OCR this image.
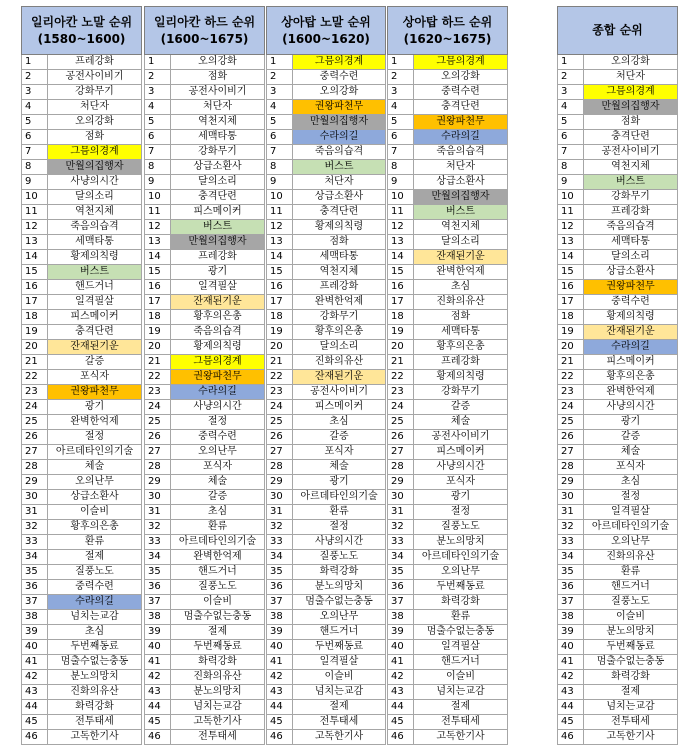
일리아칸 노말 순위
(1580~1600)	
1	프레강화
2	공전사이비기
3	강화무기
4	처단자
5	오의강화
6	점화
7	그믐의경계
8	만월의집행자
9	사냥의시간
10	달의소리
11	역천지체
12	죽음의습격
13	세맥타통
14	황제의칙령
15	버스트
16	핸드거너
17	일격필살
18	피스메이커
19	충격단련
20	잔재된기운
21	갈증
22	포식자
23	권왕파천무
24	광기
25	완벽한억제
26	절정
27	아르데타인의기술
28	체술
29	오의난무
30	상급소환사
31	이슬비
32	황후의은총
33	환류
34	절제
35	질풍노도
36	중력수련
37	수라의길
38	넘치는교감
39	초심
40	두번째동료
41	멈출수없는충동
42	분노의망치
43	진화의유산
44	화력강화
45	전투태세
46	고독한기사
일리아칸 하드 순위
(1600~1675)	
1	오의강화
2	점화
3	공전사이비기
4	처단자
5	역천지체
6	세맥타통
7	강화무기
8	상급소환사
9	달의소리
10	충격단련
11	피스메이커
12	버스트
13	만월의집행자
14	프레강화
15	광기
16	일격필살
17	잔재된기운
18	황후의은총
19	죽음의습격
20	황제의칙령
21	그믐의경계
22	권왕파천무
23	수라의길
24	사냥의시간
25	절정
26	중력수련
27	오의난무
28	포식자
29	체술
30	갈증
31	초심
32	환류
33	아르데타인의기술
34	완벽한억제
35	핸드거너
36	질풍노도
37	이슬비
38	멈출수없는충동
39	절제
40	두번째동료
41	화력강화
42	진화의유산
43	분노의망치
44	넘치는교감
45	고독한기사
46	전투태세
상아탑 노말 순위
(1600~1620)	
1	그믐의경계
2	중력수련
3	오의강화
4	권왕파천무
5	만월의집행자
6	수라의길
7	죽음의습격
8	버스트
9	처단자
10	상급소환사
11	충격단련
12	황제의칙령
13	점화
14	세맥타통
15	역천지체
16	프레강화
17	완벽한억제
18	강화무기
19	황후의은총
20	달의소리
21	진화의유산
22	잔재된기운
23	공전사이비기
24	피스메이커
25	초심
26	갈증
27	포식자
28	체술
29	광기
30	아르데타인의기술
31	환류
32	절정
33	사냥의시간
34	질풍노도
35	화력강화
36	분노의망치
37	멈출수없는충동
38	오의난무
39	핸드거너
40	두번째동료
41	일격필살
42	이슬비
43	넘치는교감
44	절제
45	전투태세
46	고독한기사
상아탑 하드 순위
(1620~1675)	
1	그믐의경계
2	오의강화
3	중력수련
4	충격단련
5	권왕파천무
6	수라의길
7	죽음의습격
8	처단자
9	상급소환사
10	만월의집행자
11	버스트
12	역천지체
13	달의소리
14	잔재된기운
15	완벽한억제
16	초심
17	진화의유산
18	점화
19	세맥타통
20	황후의은총
21	프레강화
22	황제의칙령
23	강화무기
24	갈증
25	체술
26	공전사이비기
27	피스메이커
28	사냥의시간
29	포식자
30	광기
31	절정
32	질풍노도
33	분노의망치
34	아르데타인의기술
35	오의난무
36	두번째동료
37	화력강화
38	환류
39	멈출수없는충동
40	일격필살
41	핸드거너
42	이슬비
43	넘치는교감
44	절제
45	전투태세
46	고독한기사
종합 순위	
1	오의강화
2	처단자
3	그믐의경계
4	만월의집행자
5	점화
6	충격단련
7	공전사이비기
8	역천지체
9	버스트
10	강화무기
11	프레강화
12	죽음의습격
13	세맥타통
14	달의소리
15	상급소환사
16	권왕파천무
17	중력수련
18	황제의칙령
19	잔재된기운
20	수라의길
21	피스메이커
22	황후의은총
23	완벽한억제
24	사냥의시간
25	광기
26	갈증
27	체술
28	포식자
29	초심
30	절정
31	일격필살
32	아르데타인의기술
33	오의난무
34	진화의유산
35	환류
36	핸드거너
37	질풍노도
38	이슬비
39	분노의망치
40	두번째동료
41	멈출수없는충동
42	화력강화
43	절제
44	넘치는교감
45	전투태세
46	고독한기사
